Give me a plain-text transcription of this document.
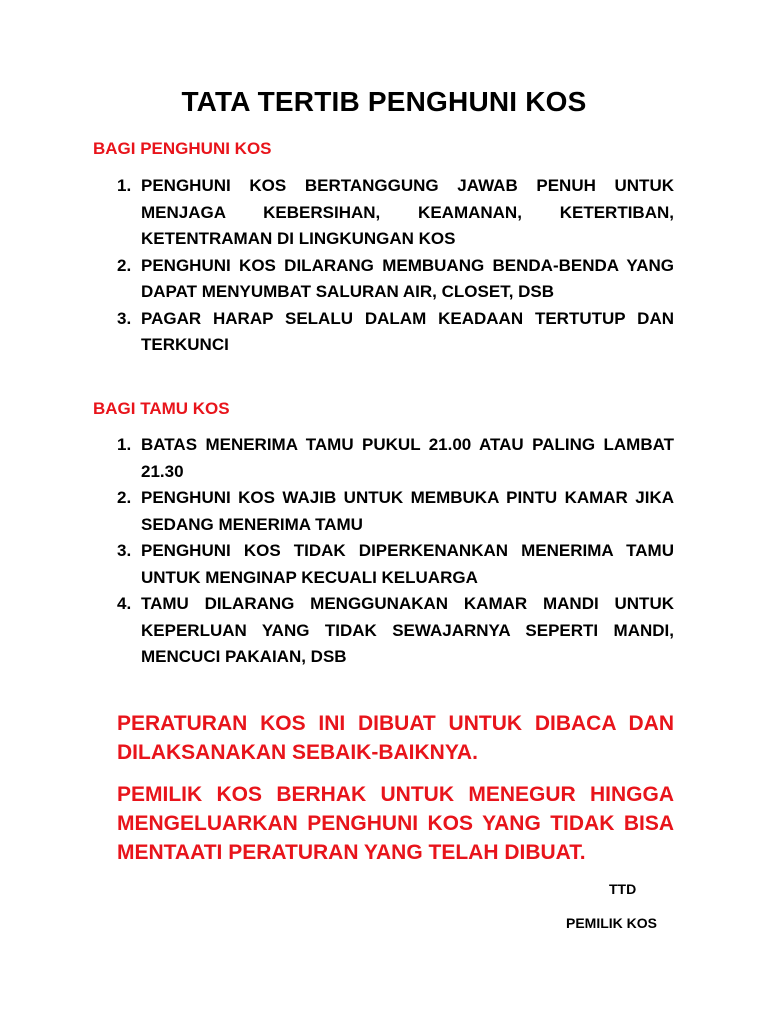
TATA TERTIB PENGHUNI KOS
BAGI PENGHUNI KOS
1. PENGHUNI KOS BERTANGGUNG JAWAB PENUH UNTUK MENJAGA KEBERSIHAN, KEAMANAN, KETERTIBAN, KETENTRAMAN DI LINGKUNGAN KOS
2. PENGHUNI KOS DILARANG MEMBUANG BENDA-BENDA YANG DAPAT MENYUMBAT SALURAN AIR, CLOSET, DSB
3. PAGAR HARAP SELALU DALAM KEADAAN TERTUTUP DAN TERKUNCI
BAGI TAMU KOS
1. BATAS MENERIMA TAMU PUKUL 21.00 ATAU PALING LAMBAT 21.30
2. PENGHUNI KOS WAJIB UNTUK MEMBUKA PINTU KAMAR JIKA SEDANG MENERIMA TAMU
3. PENGHUNI KOS TIDAK DIPERKENANKAN MENERIMA TAMU UNTUK MENGINAP KECUALI KELUARGA
4. TAMU DILARANG MENGGUNAKAN KAMAR MANDI UNTUK KEPERLUAN YANG TIDAK SEWAJARNYA SEPERTI MANDI, MENCUCI PAKAIAN, DSB

PERATURAN KOS INI DIBUAT UNTUK DIBACA DAN DILAKSANAKAN SEBAIK-BAIKNYA.

PEMILIK KOS BERHAK UNTUK MENEGUR HINGGA MENGELUARKAN PENGHUNI KOS YANG TIDAK BISA MENTAATI PERATURAN YANG TELAH DIBUAT.

TTD
PEMILIK KOS
